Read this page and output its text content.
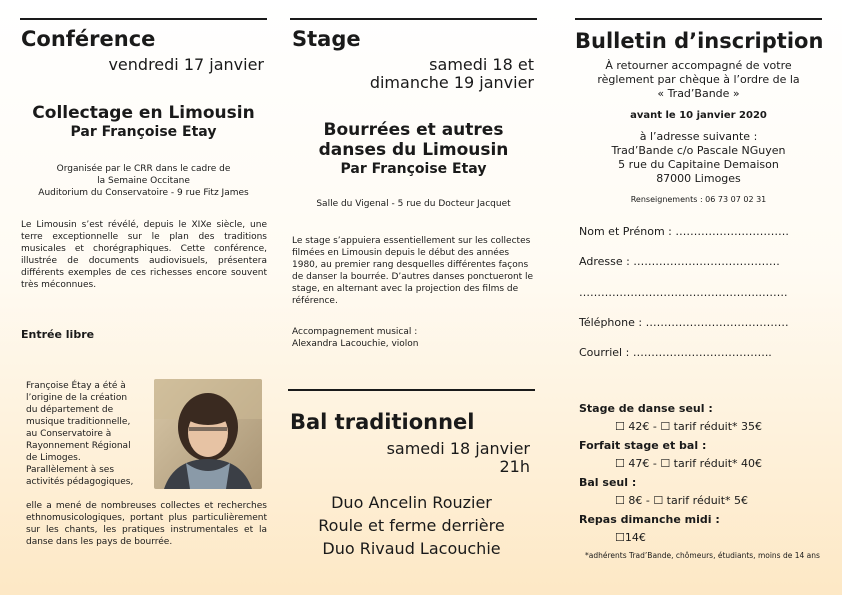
Conférence
vendredi 17 janvier
Collectage en Limousin
Par Françoise Etay
Organisée par le CRR dans le cadre de
la Semaine Occitane
Auditorium du Conservatoire - 9 rue Fitz James
Le Limousin s’est révélé, depuis le XIXe siècle, une terre exceptionnelle sur le plan des traditions musicales et chorégraphiques. Cette conférence, illustrée de documents audiovisuels, présentera différents exemples de ces richesses encore souvent très méconnues.
Entrée libre
Françoise Étay a été à
l’origine de la création
du département de
musique traditionnelle,
au Conservatoire à
Rayonnement Régional
de Limoges.
Parallèlement à ses
activités pédagogiques,
elle a mené de nombreuses collectes et recherches ethnomusicologiques, portant plus particulièrement sur les chants, les pratiques instrumentales et la danse dans les pays de bourrée.
Stage
samedi 18 et
dimanche 19 janvier
Bourrées et autres
danses du Limousin
Par Françoise Etay
Salle du Vigenal - 5 rue du Docteur Jacquet
Le stage s’appuiera essentiellement sur les collectes filmées en Limousin depuis le début des années 1980, au premier rang desquelles différentes façons de danser la bourrée. D’autres danses ponctueront le stage, en alternant avec la projection des films de référence.
Accompagnement musical :
Alexandra Lacouchie, violon
Bal traditionnel
samedi 18 janvier
21h
Duo Ancelin Rouzier
Roule et ferme derrière
Duo Rivaud Lacouchie
Bulletin d’inscription
À retourner accompagné de votre
règlement par chèque à l’ordre de la
« Trad’Bande »
avant le 10 janvier 2020
à l’adresse suivante :
Trad’Bande c/o Pascale NGuyen
5 rue du Capitaine Demaison
87000 Limoges
Renseignements : 06 73 07 02 31
Nom et Prénom : ………………………….
Adresse : ………………………………….
…………………………………………..…….
Téléphone : …………………………………
Courriel : ………………………………..
Stage de danse seul :
☐ 42€ - ☐ tarif réduit* 35€
Forfait stage et bal :
☐ 47€ - ☐ tarif réduit* 40€
Bal seul :
☐ 8€ - ☐ tarif réduit* 5€
Repas dimanche midi :
☐14€
*adhérents Trad’Bande, chômeurs, étudiants, moins de 14 ans
